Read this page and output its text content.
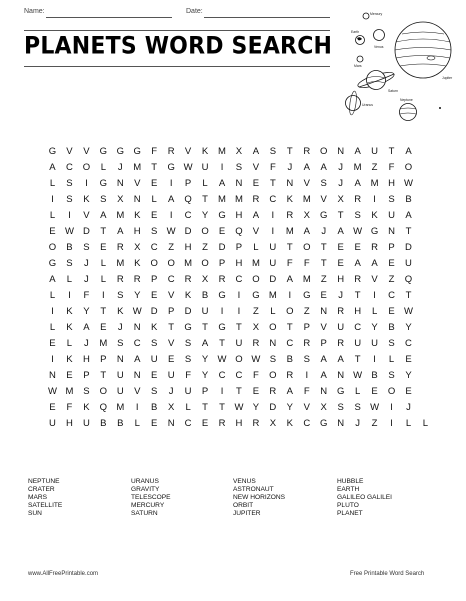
Name:	Date:
PLANETS WORD SEARCH
Mercury
Earth
Venus
Mars
Jupiter
Saturn
Uranus
Neptune
G	V	V	G	G	G	F	R	V	K	M	X	A	S	T	R	O	N	A	U	T	A
A	C	O	L	J	M	T	G W U	I	S	V	F	J	A	A	J	M	Z	F	O
L	S	I	G	N	V	E	I	P	L	A	N	E	T	N	V	S	J	A	M	H W
I	S	K	S	X	N	L	A	Q	T	M M	R	C	K	M	V	X	R	I	S	B
L	I	V	A	M	K	E	I	C	Y	G	H	A	I	R	X	G	T	S	K	U	A
E W D	T	A	H	S W D	O	E	Q	V	I	M	A	J	A W G	N	T
O	B	S	E	R	X	C	Z	H	Z	D	P	L	U	T	O	T	E	E	R	P	D
G	S	J	L	M	K	O	O M O	P	H	M	U	F	F	T	E	A	A	E	U
A	L	J	L	R	R	P	C	R	X	R	C	O	D	A	M	Z	H	R	V	Z	Q
L	I	F	I	S	Y	E	V	K	B	G	I	G M	I	G	E	J	T	I	C	T
I	K	Y	T	K W D	P	D	U	I	I	Z	L	O	Z	N	R	H	L	E W
L	K	A	E	J	N	K	T	G	T	G	T	X	O	T	P	V	U	C	Y	B	Y
E	L	J	M	S	C	S	V	S	A	T	U	R	N	C	R	P	R	U	U	S	C
I	K	H	P	N	A	U	E	S	Y W O W S	B	S	A	A	T	I	L	E
N	E	P	T	U	N	E	U	F	Y	C	C	F	O	R	I	A	N W B	S	Y
W M	S	O	U	V	S	J	U	P	I	T	E	R	A	F	N	G	L	E	O	E
E	F	K	Q M	I	B	X	L	T	T	W Y	D	Y	V	X	S	S W	I	J
U	H	U	B	B	L	E	N	C	E	R	H	R	X	K	C	G	N	J	Z	I	L	L
NEPTUNE
CRATER
MARS
SATELLITE
SUN
URANUS
GRAVITY
TELESCOPE
MERCURY
SATURN
VENUS
ASTRONAUT
NEW HORIZONS
ORBIT
JUPITER
HUBBLE
EARTH
GALILEO GALILEI
PLUTO
PLANET
www.AllFreePrintable.com	Free Printable Word Search
